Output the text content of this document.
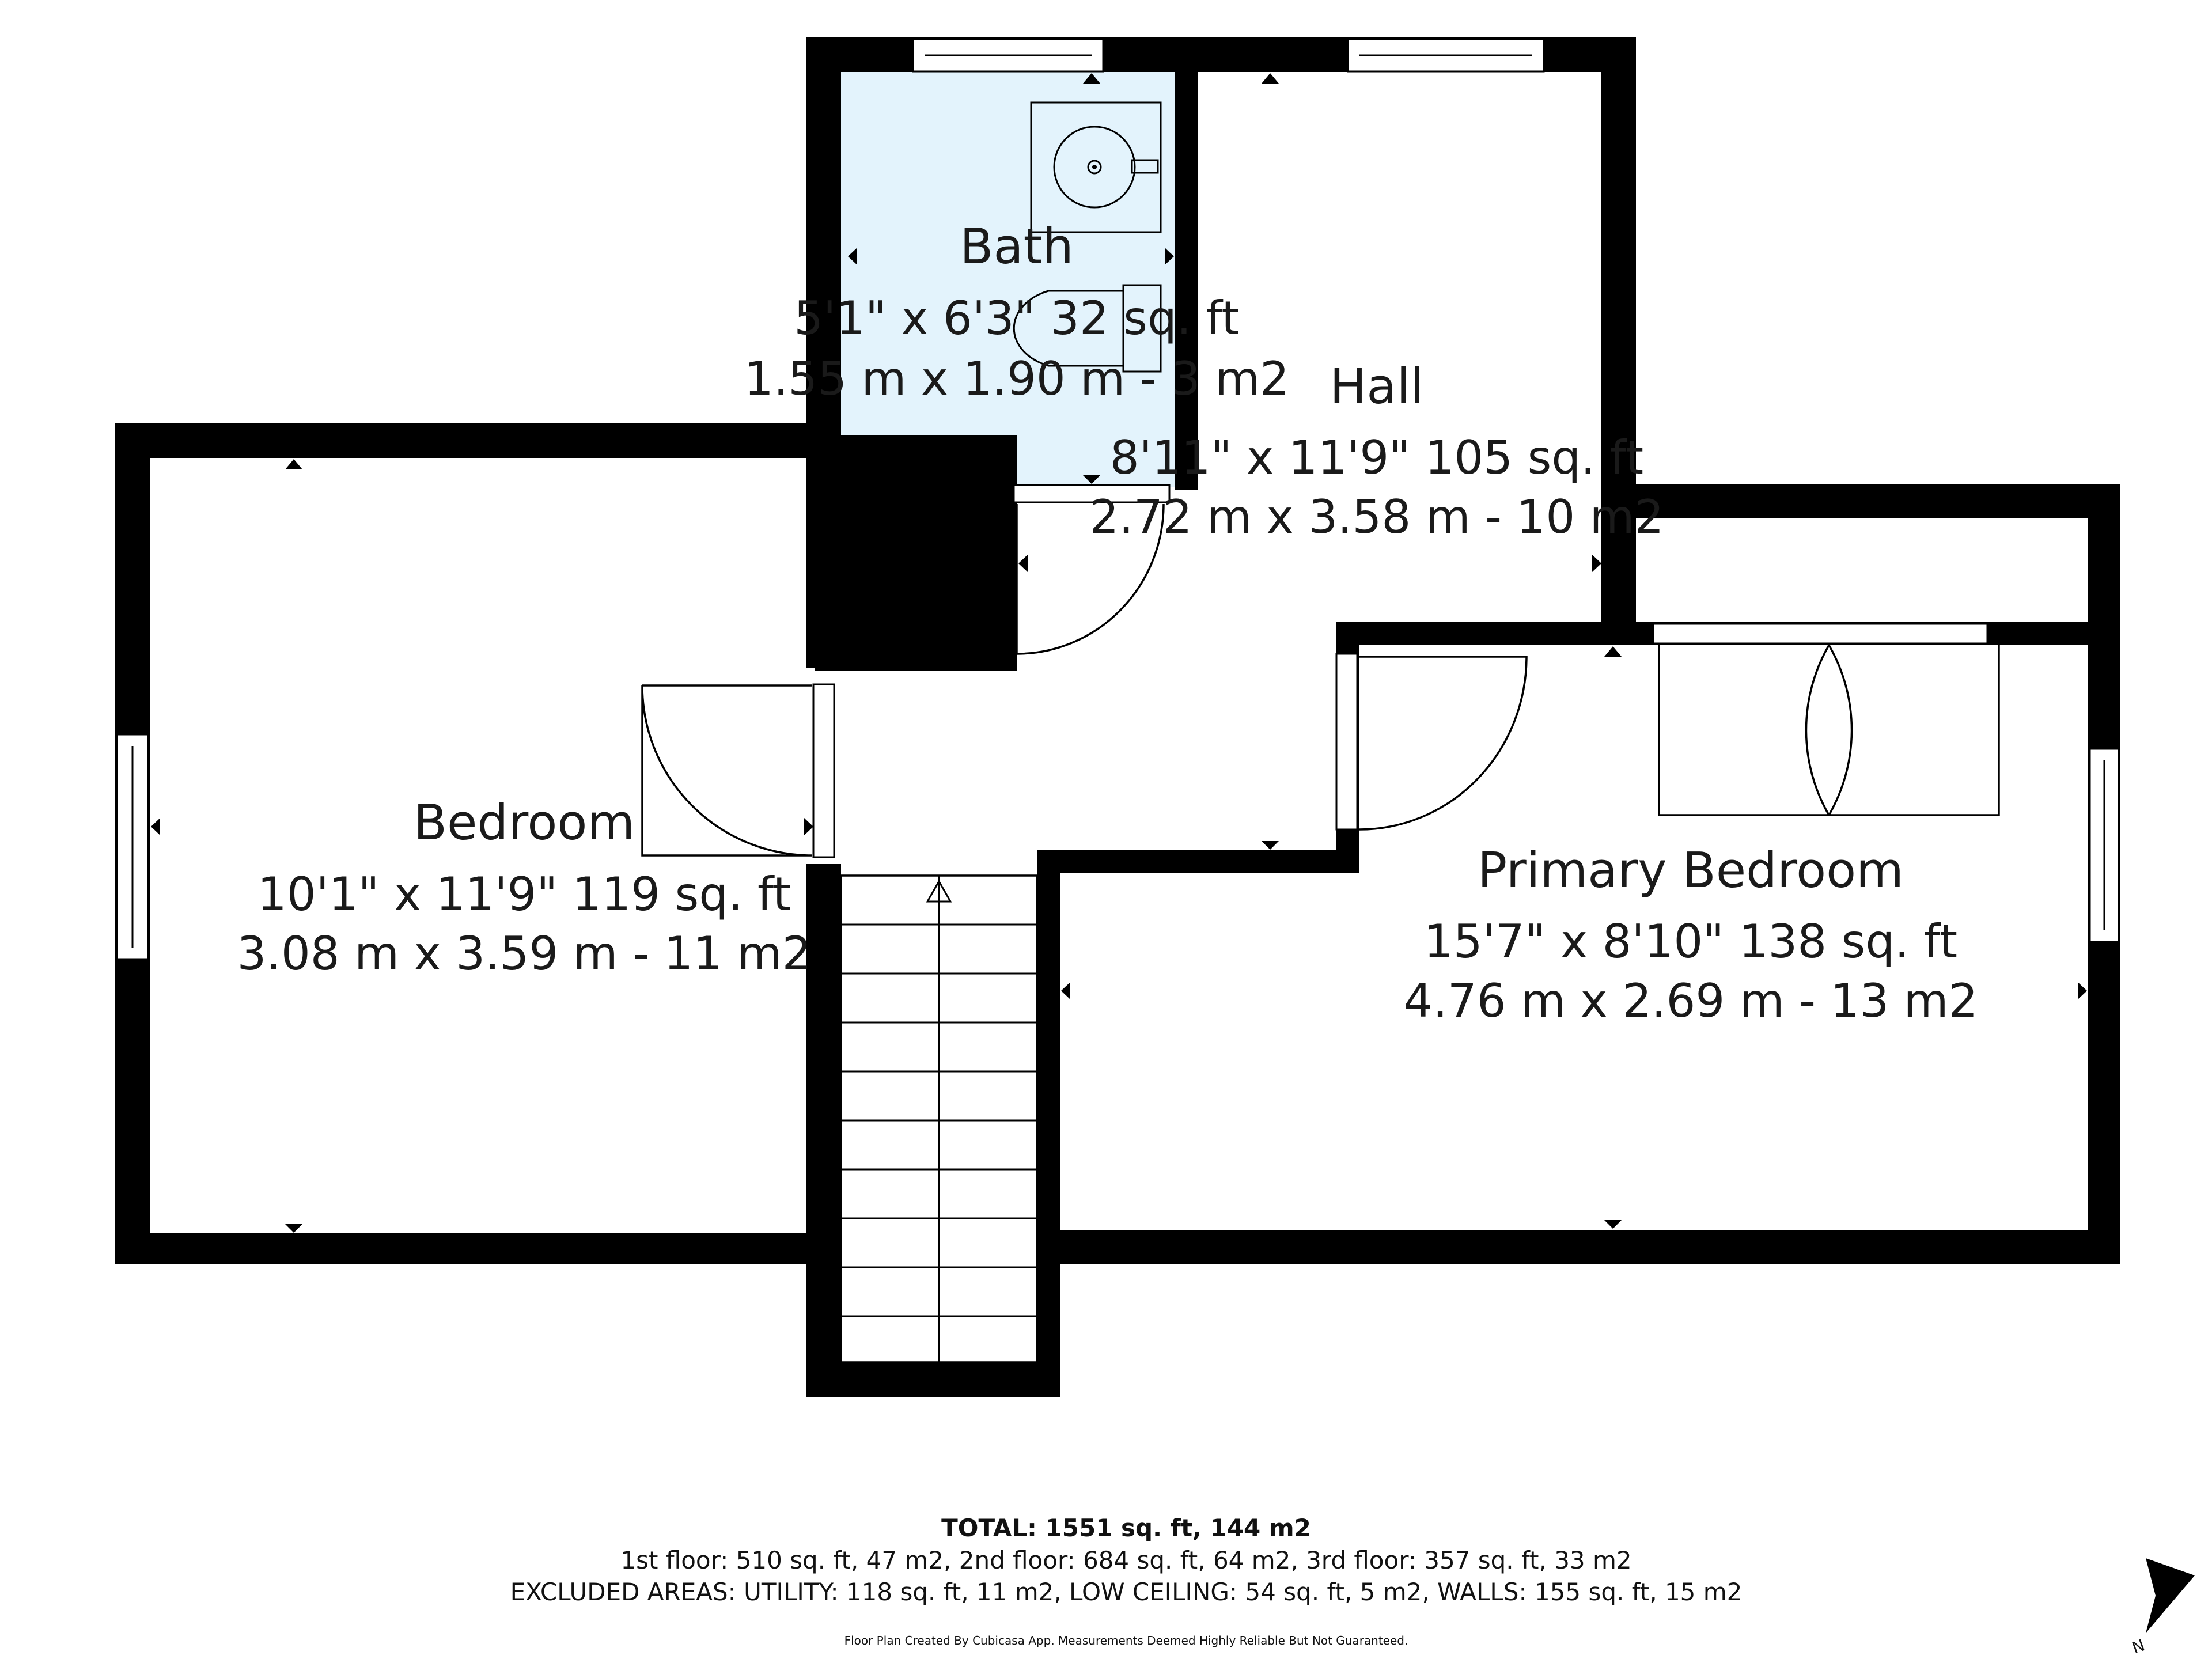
Bath
5'1" x 6'3" 32 sq. ft
1.55 m x 1.90 m - 3 m2 Hall
8'11" x 11'9" 105 sq. ft
2.72 m x 3.58 m - 10 m2
Bedroom
10'1" x 11'9" 119 sq. ft
3.08 m x 3.59 m - 11 m2
Primary Bedroom
15'7" x 8'10" 138 sq. ft
4.76 m x 2.69 m - 13 m2
TOTAL: 1551 sq. ft, 144 m2
1st floor: 510 sq. ft, 47 m2, 2nd floor: 684 sq. ft, 64 m2, 3rd floor: 357 sq. ft, 33 m2
EXCLUDED AREAS: UTILITY: 118 sq. ft, 11 m2, LOW CEILING: 54 sq. ft, 5 m2, WALLS: 155 sq. ft, 15 m2
Floor Plan Created By Cubicasa App. Measurements Deemed Highly Reliable But Not Guaranteed.	N
